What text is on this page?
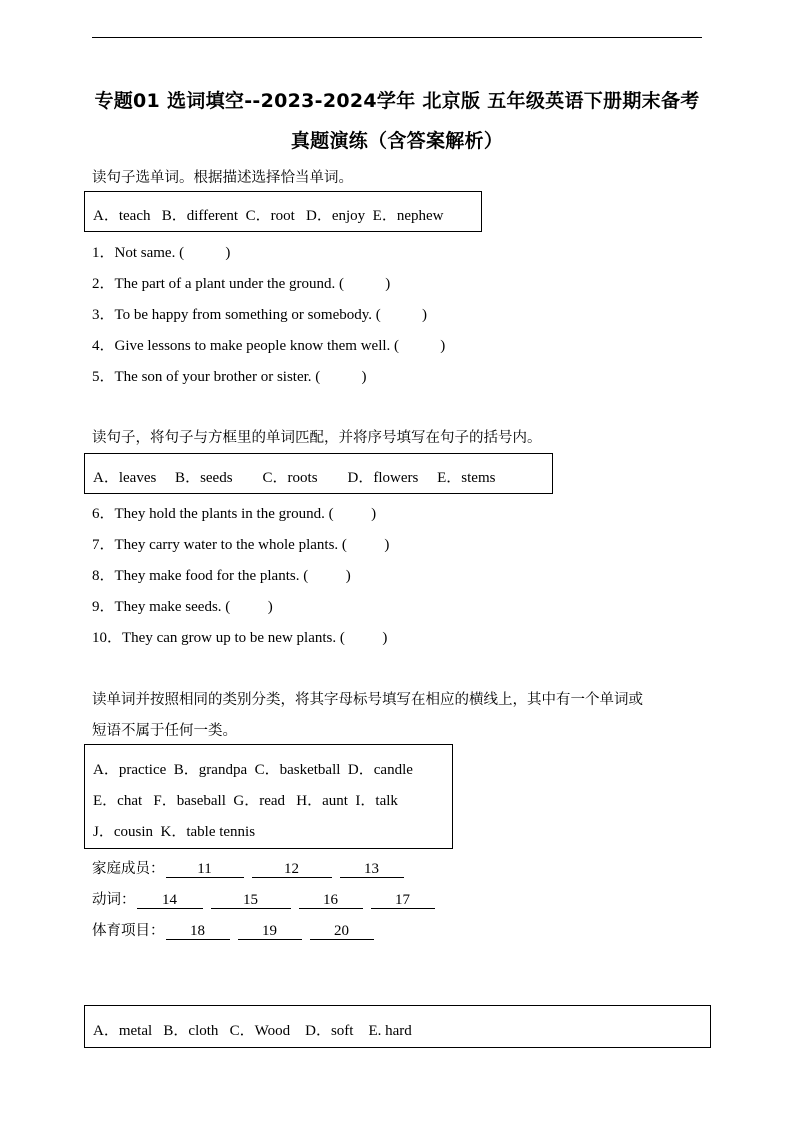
专题01 选词填空--2023-2024学年 北京版 五年级英语下册期末备考
真题演练（含答案解析）
读句子选单词。根据描述选择恰当单词。
A．teach   B．different  C．root   D．enjoy  E．nephew
1．Not same. (           )
2．The part of a plant under the ground. (           )
3．To be happy from something or somebody. (           )
4．Give lessons to make people know them well. (           )
5．The son of your brother or sister. (           )
读句子，将句子与方框里的单词匹配，并将序号填写在句子的括号内。
A．leaves     B．seeds        C．roots        D．flowers     E．stems
6．They hold the plants in the ground. (          )
7．They carry water to the whole plants. (          )
8．They make food for the plants. (          )
9．They make seeds. (          )
10．They can grow up to be new plants. (          )
读单词并按照相同的类别分类，将其字母标号填写在相应的横线上，其中有一个单词或
短语不属于任何一类。
A．practice  B．grandpa  C．basketball  D．candle
E．chat   F．baseball  G．read   H．aunt  I．talk
J．cousin  K．table tennis
家庭成员： 11	12	13
动词： 14	15	16	17
体育项目： 18	19	20
A．metal   B．cloth   C．Wood    D．soft    E. hard
